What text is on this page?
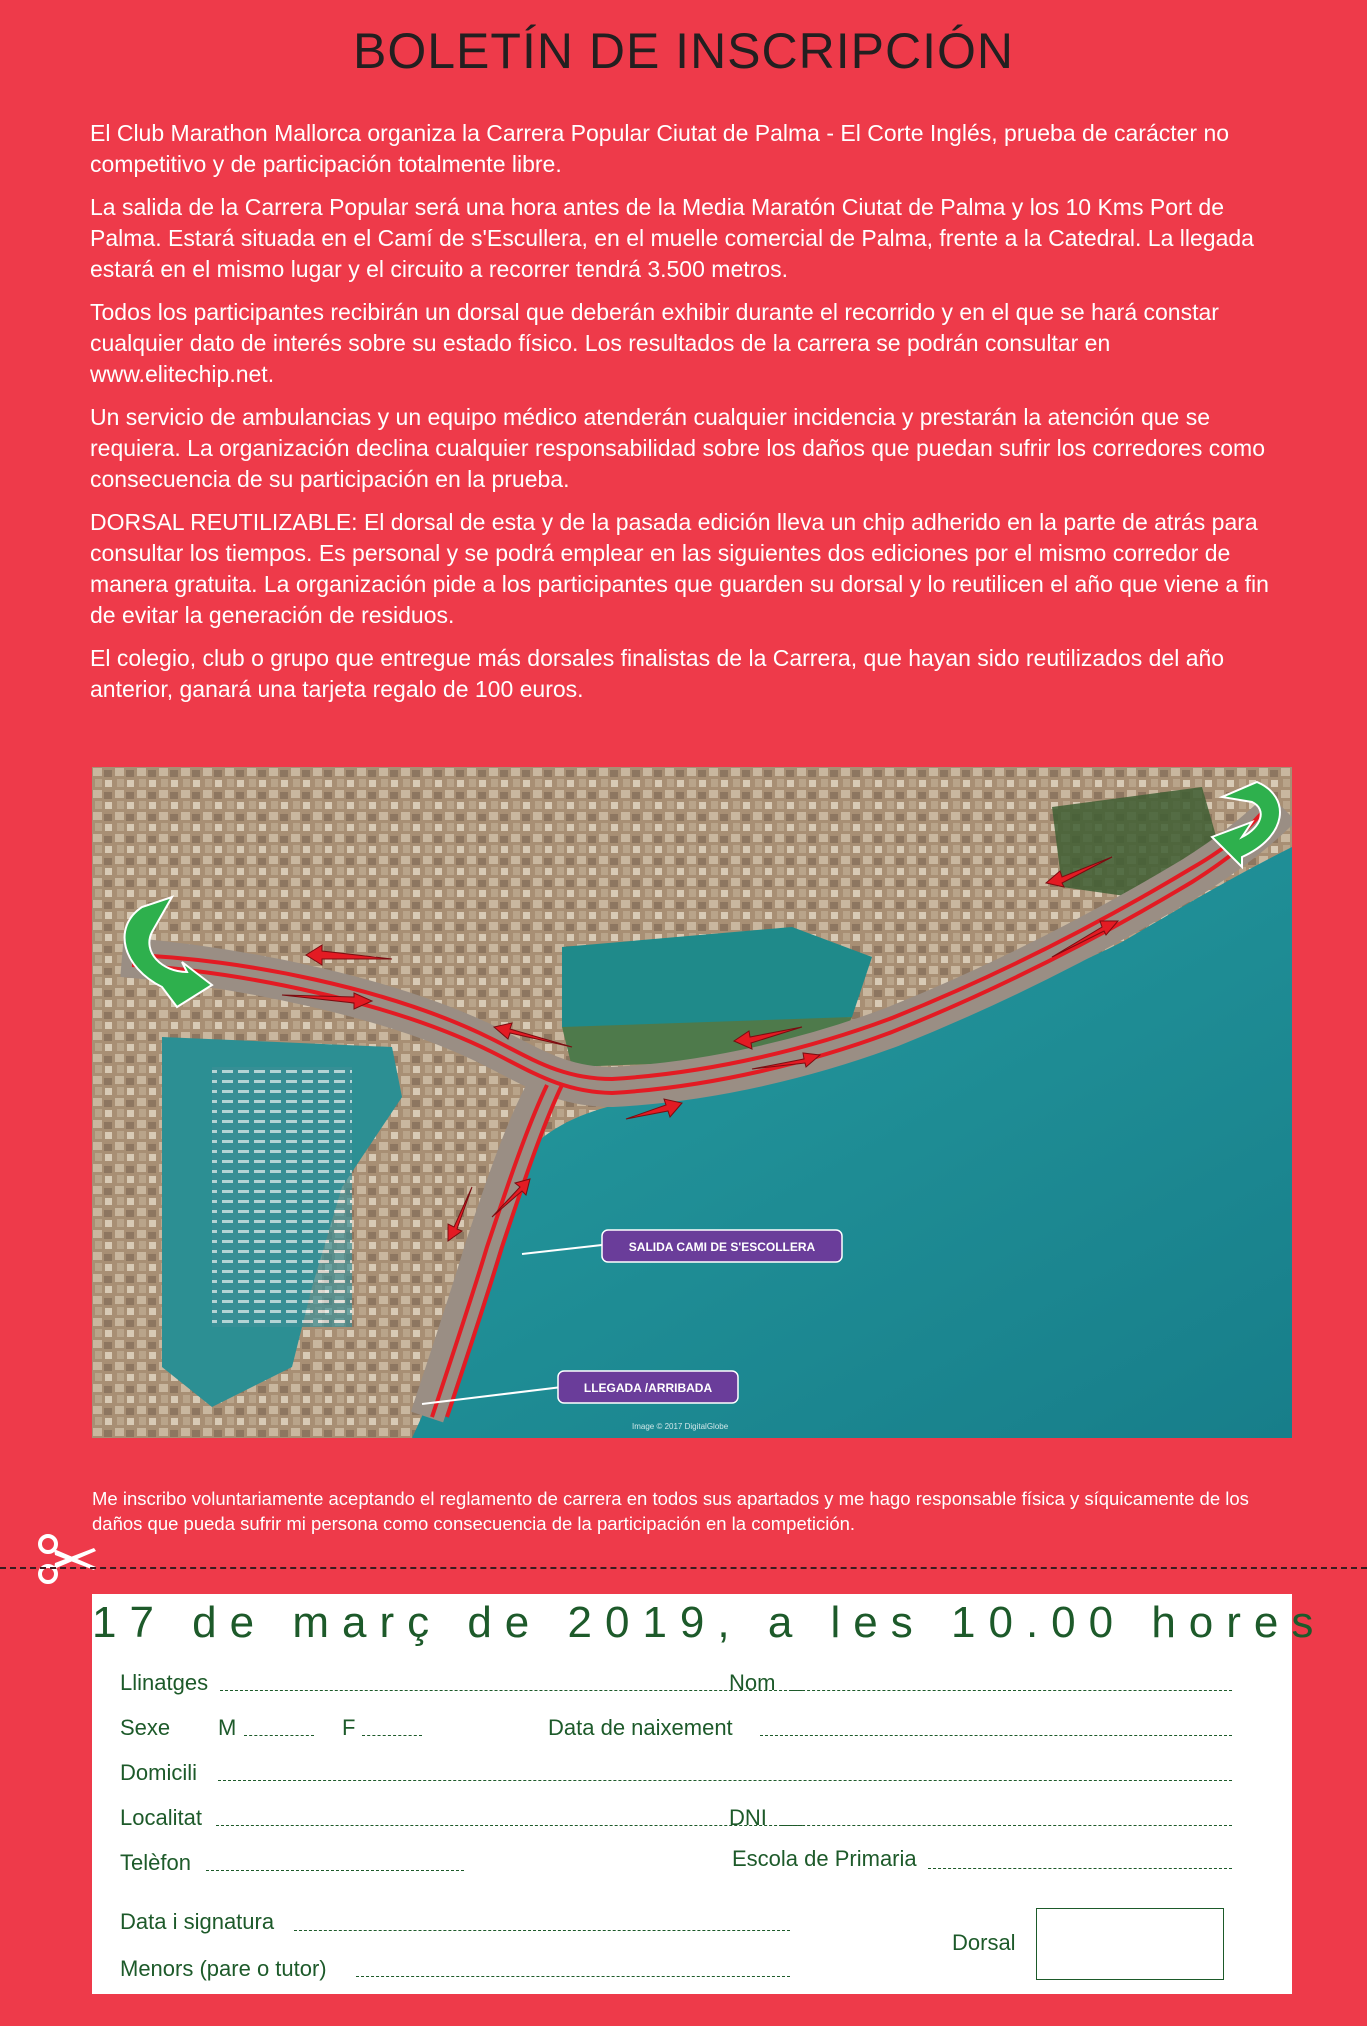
BOLETÍN DE INSCRIPCIÓN

El Club Marathon Mallorca organiza la Carrera Popular Ciutat de Palma - El Corte Inglés, prueba de carácter no competitivo y de participación totalmente libre.

La salida de la Carrera Popular será una hora antes de la Media Maratón Ciutat de Palma y los 10 Kms Port de Palma. Estará situada en el Camí de s'Escullera, en el muelle comercial de Palma, frente a la Catedral. La llegada estará en el mismo lugar y el circuito a recorrer tendrá 3.500 metros.

Todos los participantes recibirán un dorsal que deberán exhibir durante el recorrido y en el que se hará constar cualquier dato de interés sobre su estado físico. Los resultados de la carrera se podrán consultar en www.elitechip.net.

Un servicio de ambulancias y un equipo médico atenderán cualquier incidencia y prestarán la atención que se requiera. La organización declina cualquier responsabilidad sobre los daños que puedan sufrir los corredores como consecuencia de su participación en la prueba.

DORSAL REUTILIZABLE: El dorsal de esta y de la pasada edición lleva un chip adherido en la parte de atrás para consultar los tiempos. Es personal y se podrá emplear en las siguientes dos ediciones por el mismo corredor de manera gratuita. La organización pide a los participantes que guarden su dorsal y lo reutilicen el año que viene a fin de evitar la generación de residuos.

El colegio, club o grupo que entregue más dorsales finalistas de la Carrera, que hayan sido reutilizados del año anterior, ganará una tarjeta regalo de 100 euros.

SALIDA CAMI DE S'ESCOLLERA
LLEGADA /ARRIBADA
Image © 2017 DigitalGlobe
Me inscribo voluntariamente aceptando el reglamento de carrera en todos sus apartados y me hago responsable física y síquicamente de los daños que pueda sufrir mi persona como consecuencia de la participación en la competición.
17 de març de 2019, a les 10.00 hores
Llinatges	Nom
Sexe M	F	Data de naixement
Domicili
Localitat	DNI
Telèfon	Escola de Primaria
Data i signatura
Menors (pare o tutor)
Dorsal
